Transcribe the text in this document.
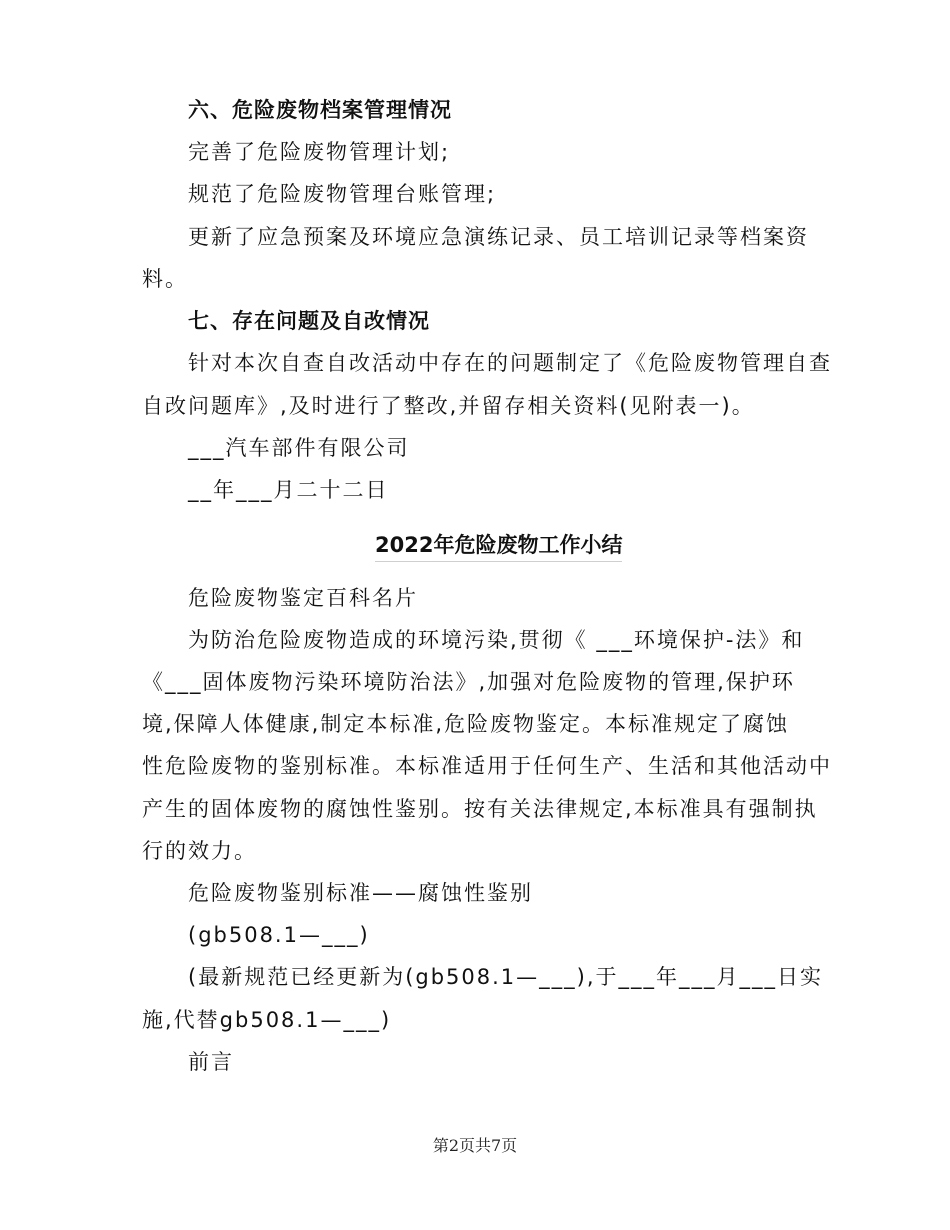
六、危险废物档案管理情况
完善了危险废物管理计划;
规范了危险废物管理台账管理;
更新了应急预案及环境应急演练记录、员工培训记录等档案资
料。
七、存在问题及自改情况
针对本次自查自改活动中存在的问题制定了《危险废物管理自查
自改问题库》,及时进行了整改,并留存相关资料(见附表一)。
___汽车部件有限公司
__年___月二十二日
2022年危险废物工作小结
危险废物鉴定百科名片
为防治危险废物造成的环境污染,贯彻《 ___环境保护-法》和
《___固体废物污染环境防治法》,加强对危险废物的管理,保护环
境,保障人体健康,制定本标准,危险废物鉴定。本标准规定了腐蚀
性危险废物的鉴别标准。本标准适用于任何生产、生活和其他活动中
产生的固体废物的腐蚀性鉴别。按有关法律规定,本标准具有强制执
行的效力。
危险废物鉴别标准——腐蚀性鉴别
(gb508.1—___)
(最新规范已经更新为(gb508.1—___),于___年___月___日实
施,代替gb508.1—___)
前言
第2页共7页
